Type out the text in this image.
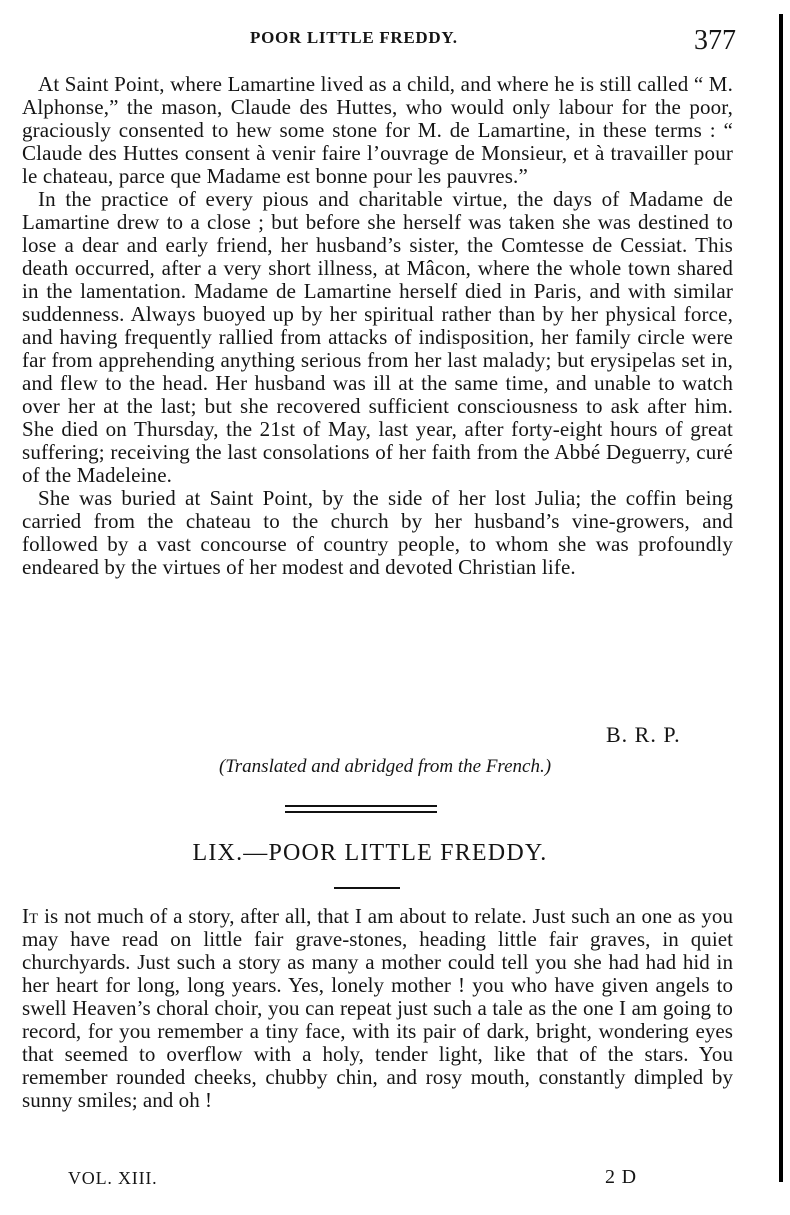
POOR LITTLE FREDDY.	377

At Saint Point, where Lamartine lived as a child, and where he is still called “ M. Alphonse,” the mason, Claude des Huttes, who would only labour for the poor, graciously consented to hew some stone for M. de Lamartine, in these terms : “ Claude des Huttes consent à venir faire l’ouvrage de Monsieur, et à travailler pour le chateau, parce que Madame est bonne pour les pauvres.”

In the practice of every pious and charitable virtue, the days of Madame de Lamartine drew to a close ; but before she herself was taken she was destined to lose a dear and early friend, her husband’s sister, the Comtesse de Cessiat. This death occurred, after a very short illness, at Mâcon, where the whole town shared in the lamentation. Madame de Lamartine herself died in Paris, and with similar suddenness. Always buoyed up by her spiritual rather than by her physical force, and having frequently rallied from attacks of indisposition, her family circle were far from apprehending anything serious from her last malady; but erysipelas set in, and flew to the head. Her husband was ill at the same time, and unable to watch over her at the last; but she recovered sufficient consciousness to ask after him. She died on Thursday, the 21st of May, last year, after forty-eight hours of great suffering; receiving the last consolations of her faith from the Abbé Deguerry, curé of the Madeleine.

She was buried at Saint Point, by the side of her lost Julia; the coffin being carried from the chateau to the church by her husband’s vine-growers, and followed by a vast concourse of country people, to whom she was profoundly endeared by the virtues of her modest and devoted Christian life.

B. R. P.
(Translated and abridged from the French.)
LIX.—POOR LITTLE FREDDY.

It is not much of a story, after all, that I am about to relate. Just such an one as you may have read on little fair grave-stones, heading little fair graves, in quiet churchyards. Just such a story as many a mother could tell you she had had hid in her heart for long, long years. Yes, lonely mother ! you who have given angels to swell Heaven’s choral choir, you can repeat just such a tale as the one I am going to record, for you remember a tiny face, with its pair of dark, bright, wondering eyes that seemed to overflow with a holy, tender light, like that of the stars. You remember rounded cheeks, chubby chin, and rosy mouth, constantly dimpled by sunny smiles; and oh !

VOL. XIII.	2 D
